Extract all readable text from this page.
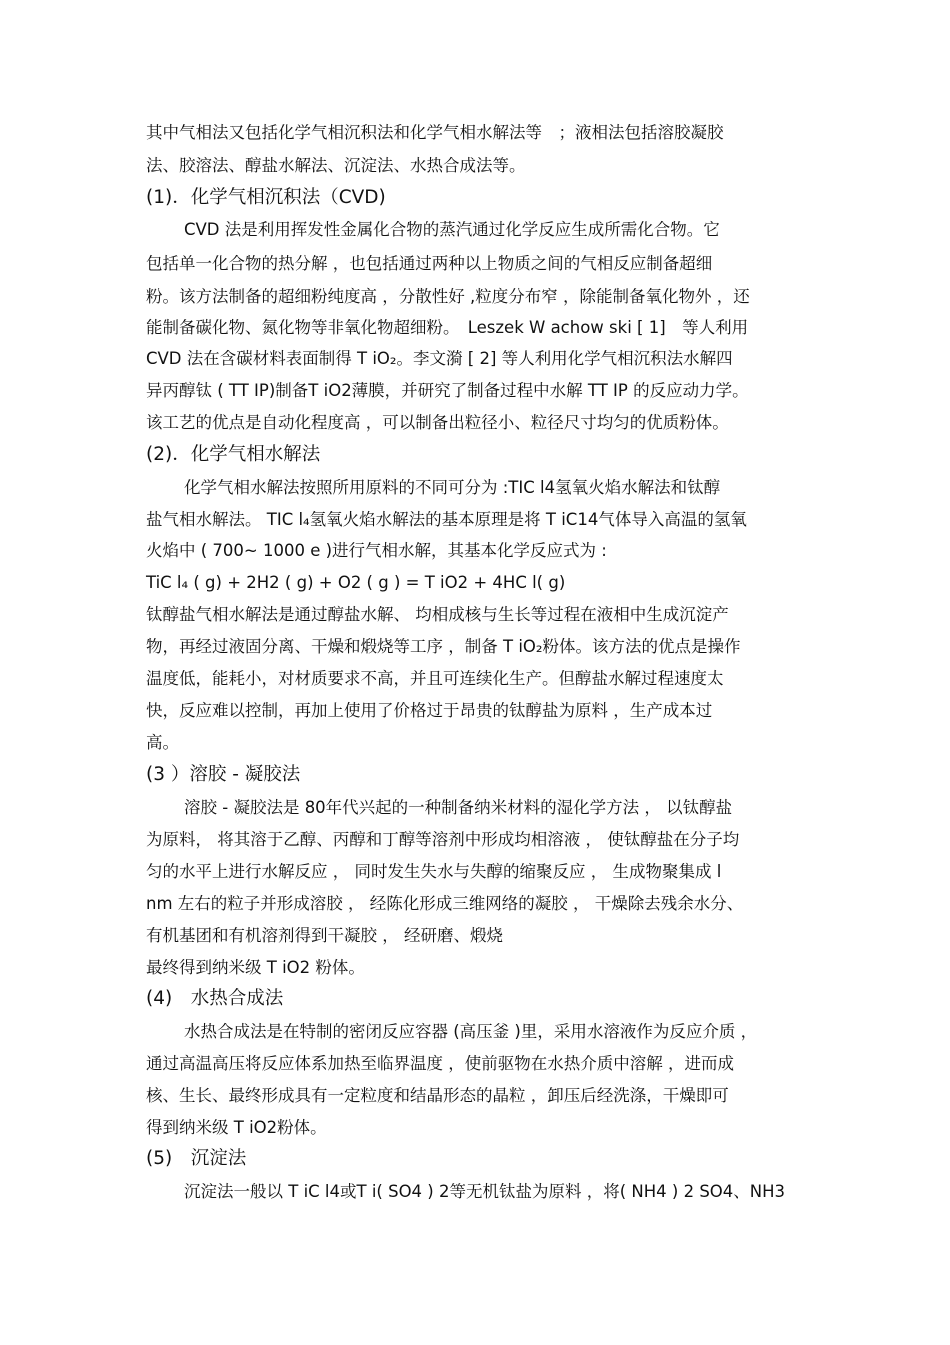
其中气相法又包括化学气相沉积法和化学气相水解法等　；液相法包括溶胶凝胶
法、胶溶法、醇盐水解法、沉淀法、水热合成法等。
(1)．化学气相沉积法（CVD)
CVD 法是利用挥发性金属化合物的蒸汽通过化学反应生成所需化合物。它
包括单一化合物的热分解 ，也包括通过两种以上物质之间的气相反应制备超细
粉。该方法制备的超细粉纯度高 ，分散性好 ,粒度分布窄 ，除能制备氧化物外 ，还
能制备碳化物、氮化物等非氧化物超细粉。　Leszek W achow ski [ 1]　等人利用
CVD 法在含碳材料表面制得 T iO₂。李文漪 [ 2] 等人利用化学气相沉积法水解四
异丙醇钛 ( TT IP)制备T iO2薄膜，并研究了制备过程中水解 TT IP 的反应动力学。
该工艺的优点是自动化程度高 ，可以制备出粒径小、粒径尺寸均匀的优质粉体。
(2)．化学气相水解法
化学气相水解法按照所用原料的不同可分为 :TIC l4氢氧火焰水解法和钛醇
盐气相水解法。 TIC l₄氢氧火焰水解法的基本原理是将 T iC14气体导入高温的氢氧
火焰中 ( 700~ 1000 e )进行气相水解，其基本化学反应式为 :
TiC l₄ ( g) + 2H2 ( g) + O2 ( g ) = T iO2 + 4HC l( g)
钛醇盐气相水解法是通过醇盐水解、 均相成核与生长等过程在液相中生成沉淀产
物，再经过液固分离、干燥和煅烧等工序 ，制备 T iO₂粉体。该方法的优点是操作
温度低，能耗小，对材质要求不高，并且可连续化生产。但醇盐水解过程速度太
快，反应难以控制，再加上使用了价格过于昂贵的钛醇盐为原料 ，生产成本过
高。
(3 ）溶胶 - 凝胶法
溶胶 - 凝胶法是 80年代兴起的一种制备纳米材料的湿化学方法 ， 以钛醇盐
为原料， 将其溶于乙醇、丙醇和丁醇等溶剂中形成均相溶液 ， 使钛醇盐在分子均
匀的水平上进行水解反应 ， 同时发生失水与失醇的缩聚反应 ， 生成物聚集成 l
nm 左右的粒子并形成溶胶 ， 经陈化形成三维网络的凝胶 ， 干燥除去残余水分、
有机基团和有机溶剂得到干凝胶 ， 经研磨、煅烧
最终得到纳米级 T iO2 粉体。
(4)　水热合成法
水热合成法是在特制的密闭反应容器 (高压釜 )里，采用水溶液作为反应介质 ，
通过高温高压将反应体系加热至临界温度 ，使前驱物在水热介质中溶解 ，进而成
核、生长、最终形成具有一定粒度和结晶形态的晶粒 ，卸压后经洗涤，干燥即可
得到纳米级 T iO2粉体。
(5)　沉淀法
沉淀法一般以 T iC l4或T i( SO4 ) 2等无机钛盐为原料 ，将( NH4 ) 2 SO4、NH3
